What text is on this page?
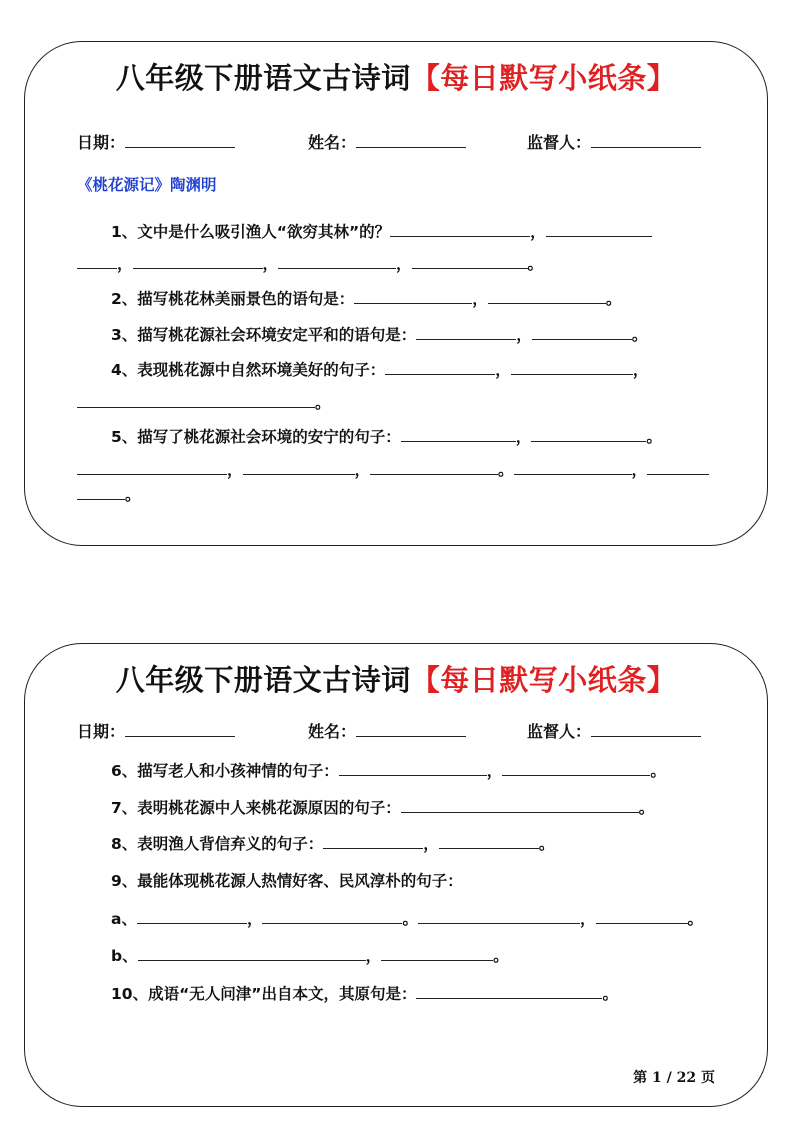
八年级下册语文古诗词【每日默写小纸条】
日期：	姓名：	监督人：
《桃花源记》陶渊明
1、文中是什么吸引渔人“欲穷其林”的？	，
，	，	，	。
2、描写桃花林美丽景色的语句是：	，	。
3、描写桃花源社会环境安定平和的语句是：	，	。
4、表现桃花源中自然环境美好的句子：	，	，
。
5、描写了桃花源社会环境的安宁的句子：	，	。
，	，	。	，
。
八年级下册语文古诗词【每日默写小纸条】
日期：	姓名：	监督人：
6、描写老人和小孩神情的句子：	，	。
7、表明桃花源中人来桃花源原因的句子：	。
8、表明渔人背信弃义的句子：	，	。
9、最能体现桃花源人热情好客、民风淳朴的句子：
a、	，	。	，	。
b、	，	。
10、成语“无人问津”出自本文，其原句是：	。
第 1 / 22 页
